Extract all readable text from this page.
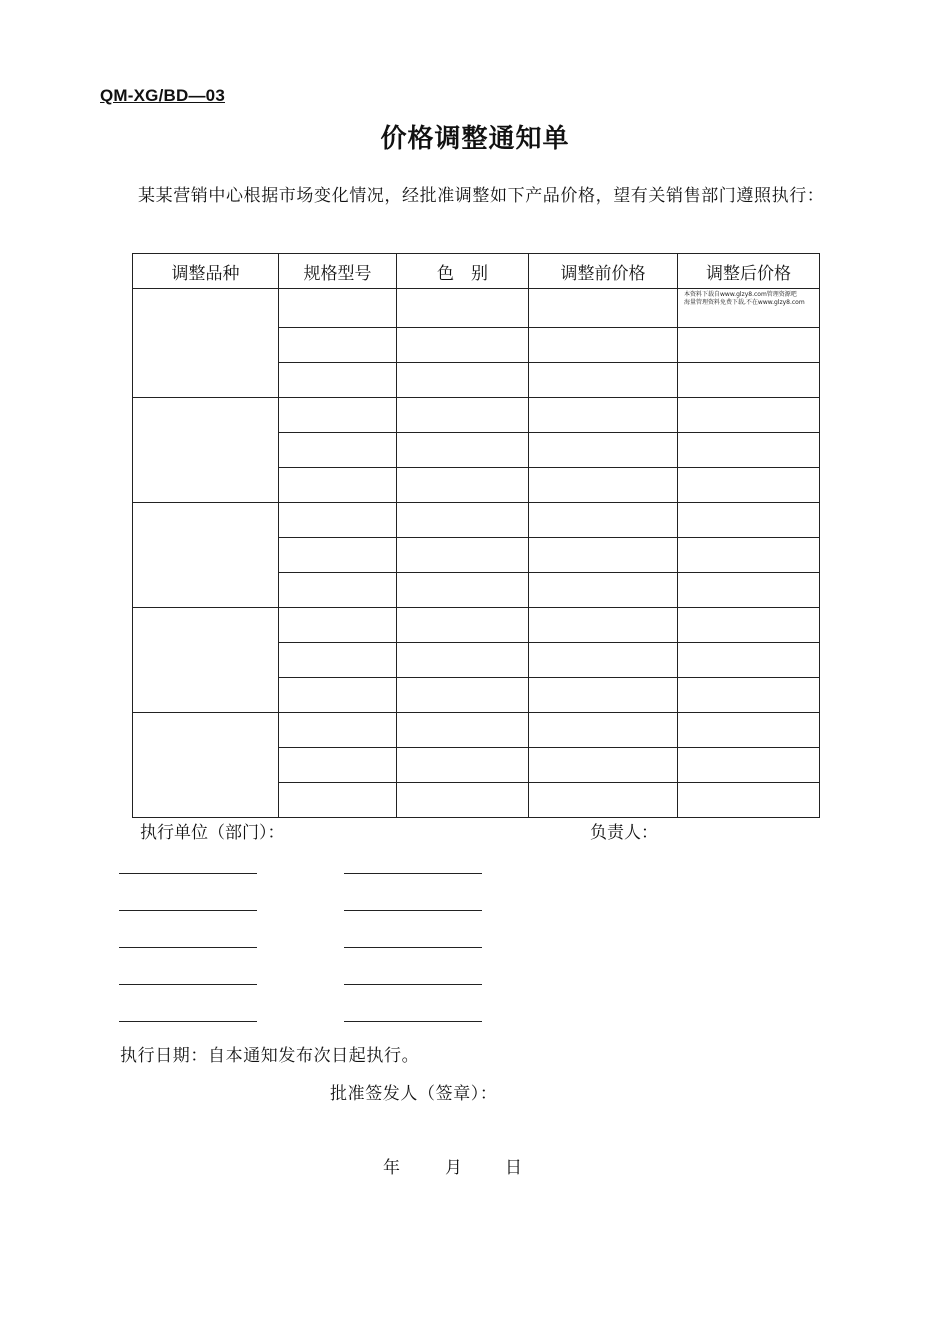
QM-XG/BD—03
价格调整通知单
某某营销中心根据市场变化情况，经批准调整如下产品价格，望有关销售部门遵照执行：
调整品种	规格型号	色　别	调整前价格	调整后价格

				本资料下载自www.glzy8.com管理资源吧
海量管理资料免费下载,不在www.glzy8.com

执行单位（部门）：	负责人：
执行日期：自本通知发布次日起执行。
批准签发人（签章）：
年	月	日
